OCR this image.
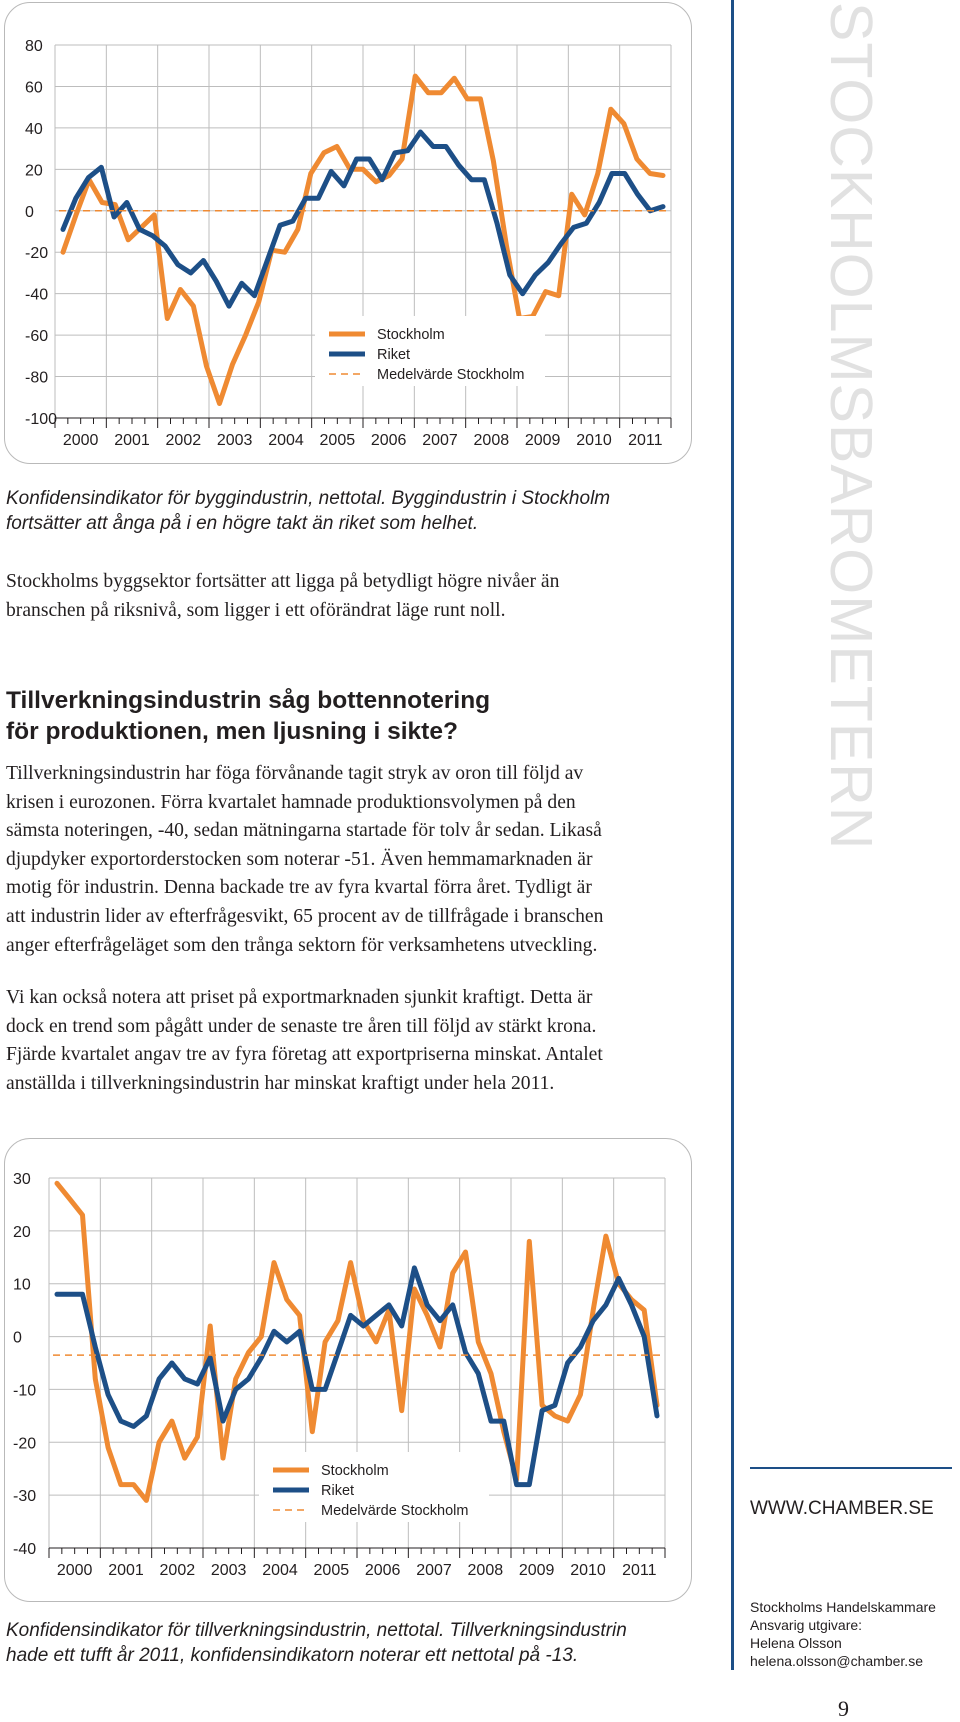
80
60
40
20
0
-20
-40
-60
-80
-100
2000 2001 2002 2003 2004 2005 2006 2007 2008 2009 2010 2011
Stockholm
Riket
Medelvärde Stockholm
Konfidensindikator för byggindustrin, nettotal. Byggindustrin i Stockholm
fortsätter att ånga på i en högre takt än riket som helhet.
Stockholms byggsektor fortsätter att ligga på betydligt högre nivåer än
branschen på riksnivå, som ligger i ett oförändrat läge runt noll.
Tillverkningsindustrin såg bottennotering
för produktionen, men ljusning i sikte?
Tillverkningsindustrin har föga förvånande tagit stryk av oron till följd av
krisen i eurozonen. Förra kvartalet hamnade produktionsvolymen på den
sämsta noteringen, -40, sedan mätningarna startade för tolv år sedan. Likaså
djupdyker exportorderstocken som noterar -51. Även hemmamarknaden är
motig för industrin. Denna backade tre av fyra kvartal förra året. Tydligt är
att industrin lider av efterfrågesvikt, 65 procent av de tillfrågade i branschen
anger efterfrågeläget som den trånga sektorn för verksamhetens utveckling.
Vi kan också notera att priset på exportmarknaden sjunkit kraftigt. Detta är
dock en trend som pågått under de senaste tre åren till följd av stärkt krona.
Fjärde kvartalet angav tre av fyra företag att exportpriserna minskat. Antalet
anställda i tillverkningsindustrin har minskat kraftigt under hela 2011.
30
20
10
0
-10
-20
-30
-40
2000 2001 2002 2003 2004 2005 2006 2007 2008 2009 2010 2011
Stockholm
Riket
Medelvärde Stockholm
Konfidensindikator för tillverkningsindustrin, nettotal. Tillverkningsindustrin
hade ett tufft år 2011, konfidensindikatorn noterar ett nettotal på -13.
STOCKHOLMSBAROMETERN
WWW.CHAMBER.SE
Stockholms Handelskammare
Ansvarig utgivare:
Helena Olsson
helena.olsson@chamber.se
9
